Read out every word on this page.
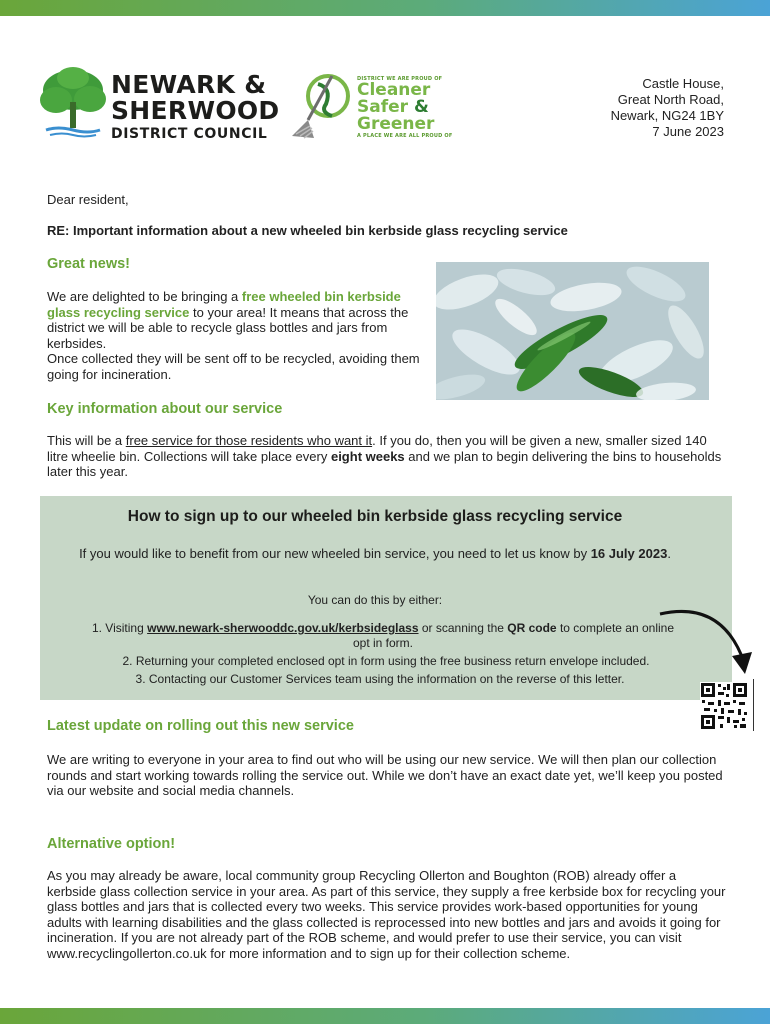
NEWARK &
SHERWOOD
DISTRICT COUNCIL
DISTRICT WE ARE PROUD OF
Cleaner
Safer &
Greener
A PLACE WE ARE ALL PROUD OF
Castle House,
Great North Road,
Newark, NG24 1BY
7 June 2023
Dear resident,
RE: Important information about a new wheeled bin kerbside glass recycling service
Great news!
We are delighted to be bringing a free wheeled bin kerbside glass recycling service to your area! It means that across the district we will be able to recycle glass bottles and jars from kerbsides.
Once collected they will be sent off to be recycled, avoiding them going for incineration.
Key information about our service
This will be a free service for those residents who want it. If you do, then you will be given a new, smaller sized 140 litre wheelie bin. Collections will take place every eight weeks and we plan to begin delivering the bins to households later this year.
How to sign up to our wheeled bin kerbside glass recycling service
If you would like to benefit from our new wheeled bin service, you need to let us know by 16 July 2023.
You can do this by either:
1. Visiting www.newark-sherwooddc.gov.uk/kerbsideglass or scanning the QR code to complete an online opt in form.
2. Returning your completed enclosed opt in form using the free business return envelope included.
3. Contacting our Customer Services team using the information on the reverse of this letter.
Latest update on rolling out this new service
We are writing to everyone in your area to find out who will be using our new service. We will then plan our collection rounds and start working towards rolling the service out. While we don’t have an exact date yet, we’ll keep you posted via our website and social media channels.
Alternative option!
As you may already be aware, local community group Recycling Ollerton and Boughton (ROB) already offer a kerbside glass collection service in your area. As part of this service, they supply a free kerbside box for recycling your glass bottles and jars that is collected every two weeks. This service provides work-based opportunities for young adults with learning disabilities and the glass collected is reprocessed into new bottles and jars and avoids it going for incineration. If you are not already part of the ROB scheme, and would prefer to use their service, you can visit www.recyclingollerton.co.uk for more information and to sign up for their collection scheme.
